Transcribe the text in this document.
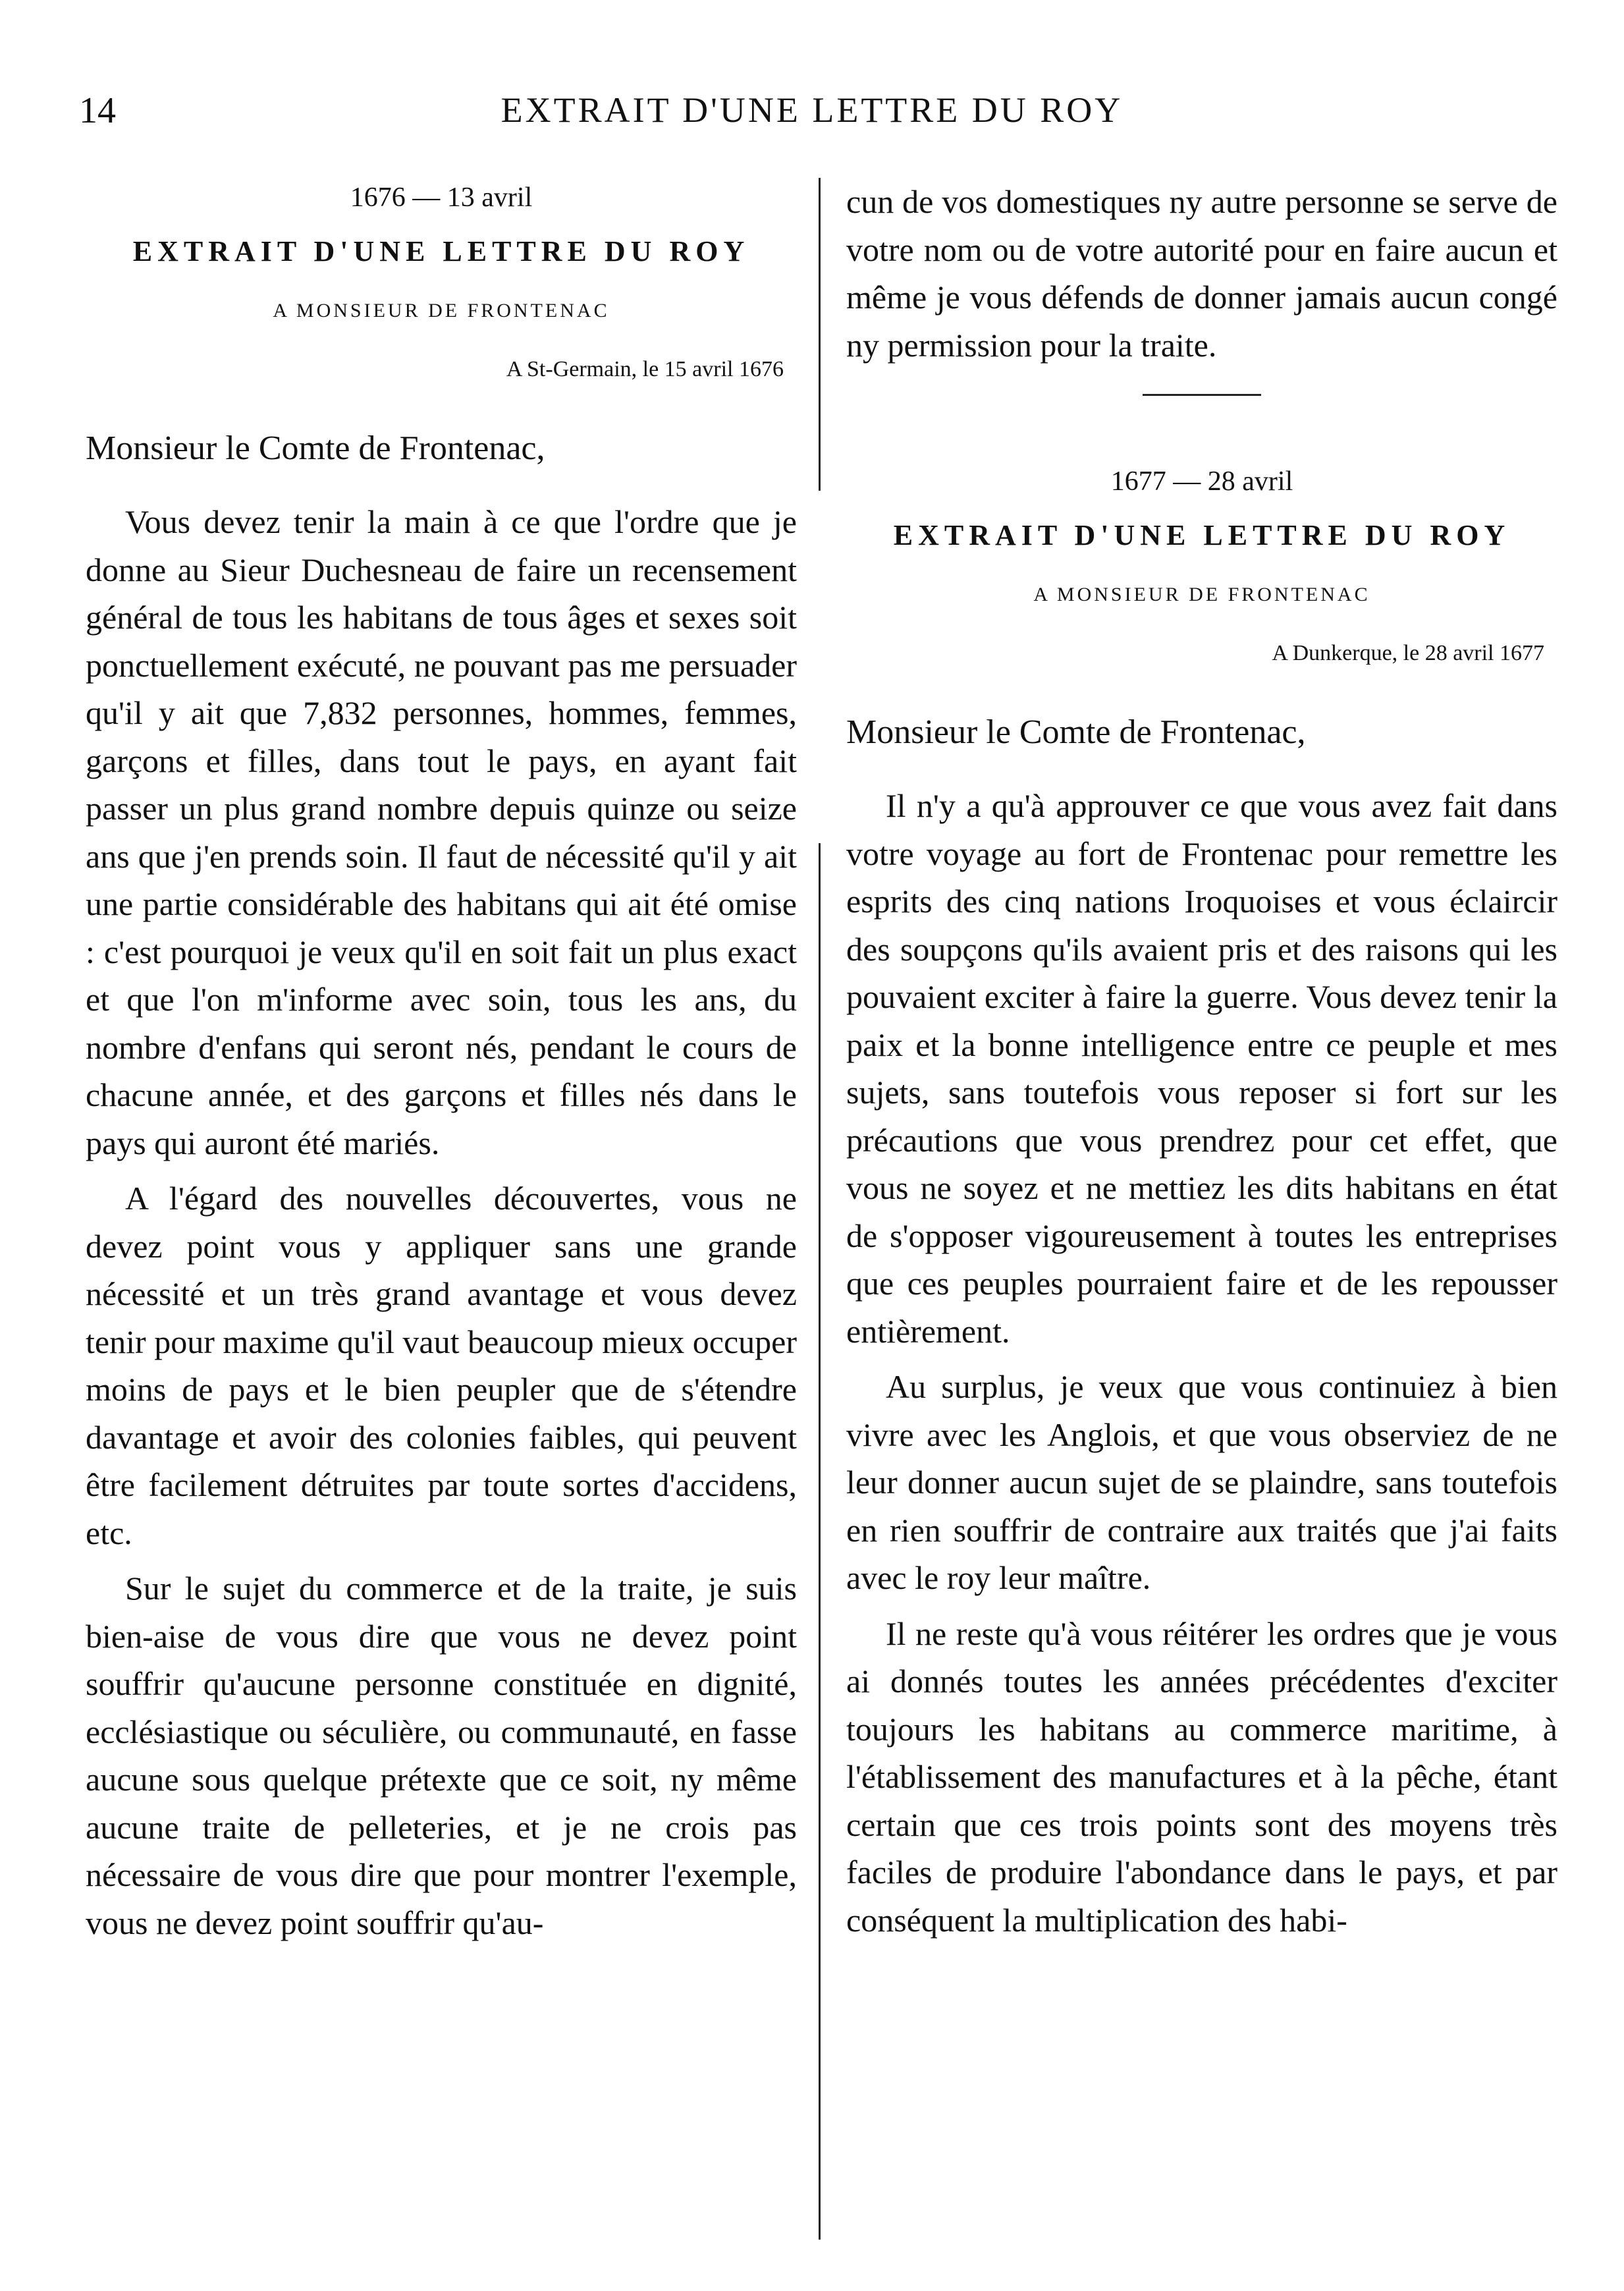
14	EXTRAIT D'UNE LETTRE DU ROY
1676 — 13 avril
EXTRAIT D'UNE LETTRE DU ROY
A MONSIEUR DE FRONTENAC
A St-Germain, le 15 avril 1676
Monsieur le Comte de Frontenac,

Vous devez tenir la main à ce que l'ordre que je donne au Sieur Duchesneau de faire un recensement général de tous les habitans de tous âges et sexes soit ponctuellement exécuté, ne pouvant pas me persuader qu'il y ait que 7,832 personnes, hommes, femmes, garçons et filles, dans tout le pays, en ayant fait passer un plus grand nombre depuis quinze ou seize ans que j'en prends soin. Il faut de nécessité qu'il y ait une partie considérable des habitans qui ait été omise : c'est pourquoi je veux qu'il en soit fait un plus exact et que l'on m'informe avec soin, tous les ans, du nombre d'enfans qui seront nés, pendant le cours de chacune année, et des garçons et filles nés dans le pays qui auront été mariés.

A l'égard des nouvelles découvertes, vous ne devez point vous y appliquer sans une grande nécessité et un très grand avantage et vous devez tenir pour maxime qu'il vaut beaucoup mieux occuper moins de pays et le bien peupler que de s'étendre davantage et avoir des colonies faibles, qui peuvent être facilement détruites par toute sortes d'accidens, etc.

Sur le sujet du commerce et de la traite, je suis bien-aise de vous dire que vous ne devez point souffrir qu'aucune personne constituée en dignité, ecclésiastique ou séculière, ou communauté, en fasse aucune sous quelque prétexte que ce soit, ny même aucune traite de pelleteries, et je ne crois pas nécessaire de vous dire que pour montrer l'exemple, vous ne devez point souffrir qu'au-

cun de vos domestiques ny autre personne se serve de votre nom ou de votre autorité pour en faire aucun et même je vous défends de donner jamais aucun congé ny permission pour la traite.

1677 — 28 avril
EXTRAIT D'UNE LETTRE DU ROY
A MONSIEUR DE FRONTENAC
A Dunkerque, le 28 avril 1677
Monsieur le Comte de Frontenac,

Il n'y a qu'à approuver ce que vous avez fait dans votre voyage au fort de Frontenac pour remettre les esprits des cinq nations Iroquoises et vous éclaircir des soupçons qu'ils avaient pris et des raisons qui les pouvaient exciter à faire la guerre. Vous devez tenir la paix et la bonne intelligence entre ce peuple et mes sujets, sans toutefois vous reposer si fort sur les précautions que vous prendrez pour cet effet, que vous ne soyez et ne mettiez les dits habitans en état de s'opposer vigoureusement à toutes les entreprises que ces peuples pourraient faire et de les repousser entièrement.

Au surplus, je veux que vous continuiez à bien vivre avec les Anglois, et que vous observiez de ne leur donner aucun sujet de se plaindre, sans toutefois en rien souffrir de contraire aux traités que j'ai faits avec le roy leur maître.

Il ne reste qu'à vous réitérer les ordres que je vous ai donnés toutes les années précédentes d'exciter toujours les habitans au commerce maritime, à l'établissement des manufactures et à la pêche, étant certain que ces trois points sont des moyens très faciles de produire l'abondance dans le pays, et par conséquent la multiplication des habi-
